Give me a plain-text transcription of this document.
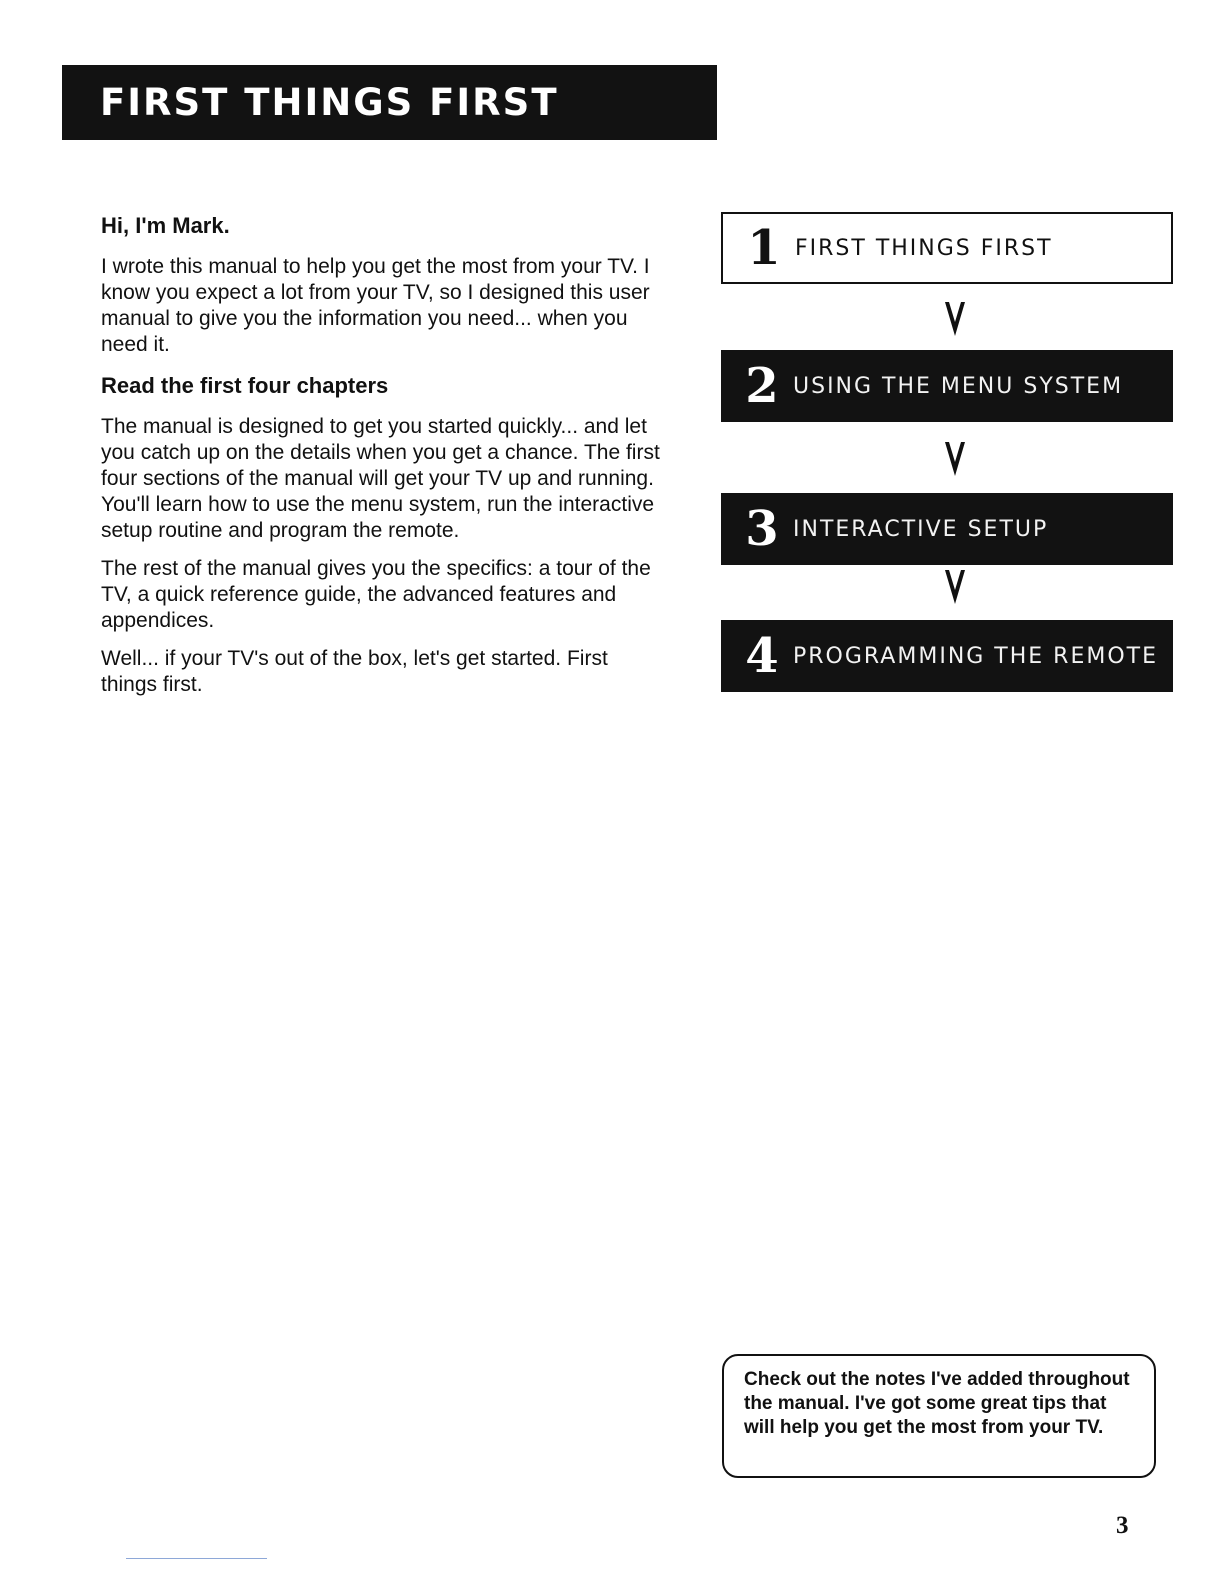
FIRST THINGS FIRST
Hi, I'm Mark.

I wrote this manual to help you get the most from your TV. I know you expect a lot from your TV, so I designed this user manual to give you the information you need... when you need it.

Read the first four chapters

The manual is designed to get you started quickly... and let you catch up on the details when you get a chance. The first four sections of the manual will get your TV up and running. You'll learn how to use the menu system, run the interactive setup routine and program the remote.

The rest of the manual gives you the specifics: a tour of the TV, a quick reference guide, the advanced features and appendices.

Well... if your TV's out of the box, let's get started. First things first.

1 FIRST THINGS FIRST
2 USING THE MENU SYSTEM
3 INTERACTIVE SETUP
4 PROGRAMMING THE REMOTE

Check out the notes I've added throughout the manual. I've got some great tips that will help you get the most from your TV.

3
